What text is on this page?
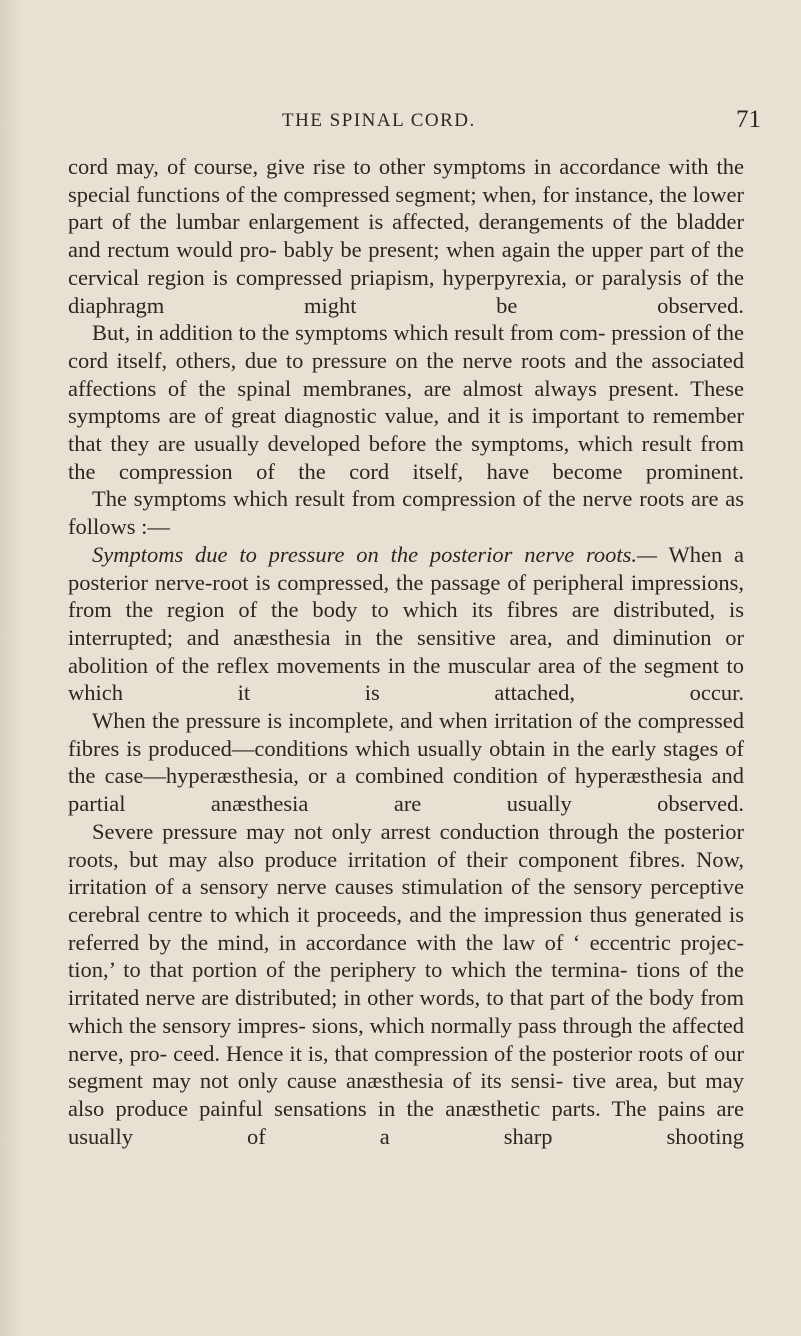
THE SPINAL CORD.	71

cord may, of course, give rise to other symptoms in accordance with the special functions of the compressed segment; when, for instance, the lower part of the lumbar enlargement is affected, derangements of the bladder and rectum would pro- bably be present; when again the upper part of the cervical region is compressed priapism, hyperpyrexia, or paralysis of the diaphragm might be observed.

But, in addition to the symptoms which result from com- pression of the cord itself, others, due to pressure on the nerve roots and the associated affections of the spinal membranes, are almost always present. These symptoms are of great diagnostic value, and it is important to remember that they are usually developed before the symptoms, which result from the compression of the cord itself, have become prominent.

The symptoms which result from compression of the nerve roots are as follows :—

Symptoms due to pressure on the posterior nerve roots.— When a posterior nerve-root is compressed, the passage of peripheral impressions, from the region of the body to which its fibres are distributed, is interrupted; and anæsthesia in the sensitive area, and diminution or abolition of the reflex movements in the muscular area of the segment to which it	is attached, occur.

When the pressure is incomplete, and when irritation of the compressed fibres is produced—conditions which usually obtain in the early stages of the case—hyperæsthesia, or a combined condition of hyperæsthesia and partial anæsthesia	are usually observed.

Severe pressure may not only arrest conduction through the posterior roots, but may also produce irritation of their component fibres. Now, irritation of a sensory nerve causes stimulation of the sensory perceptive cerebral centre to which it proceeds, and the impression thus generated is referred by the mind, in accordance with the law of ‘ eccentric projec- tion,’ to that portion of the periphery to which the termina- tions of the irritated nerve are distributed; in other words, to that part of the body from which the sensory impres- sions, which normally pass through the affected nerve, pro- ceed. Hence it is, that compression of the posterior roots of our segment may not only cause anæsthesia of its sensi- tive area, but may also produce painful sensations in the anæsthetic parts. The pains are usually of a sharp shooting
